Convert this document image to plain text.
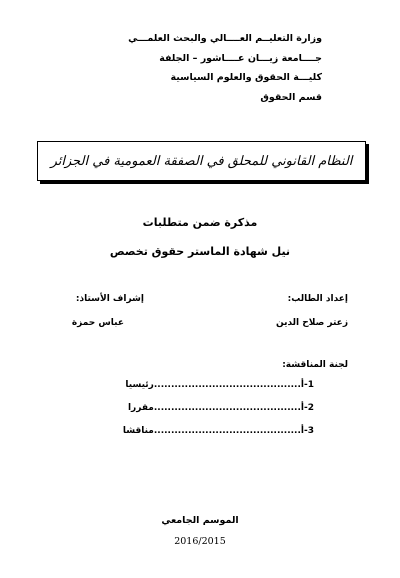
وزارة التعليــم العــــالي والبحث العلمـــي
جــــامعة زيـــان عــــاشور – الجلفة
كليـــة الحقوق والعلوم السياسية
قسم الحقوق
النظام القانوني للمحلق في الصفقة العمومية في الجزائر
مذكرة ضمن متطلبات
نيل شهادة الماستر حقوق تخصص
إعداد الطالب:
زعتر صلاح الدين
إشراف الأستاذ:
عباس حمزة
لجنة المناقشة:
1-أ...........................................رئيسيا
2-أ...........................................مقررا
3-أ...........................................مناقشا
الموسم الجامعي
2016/2015
